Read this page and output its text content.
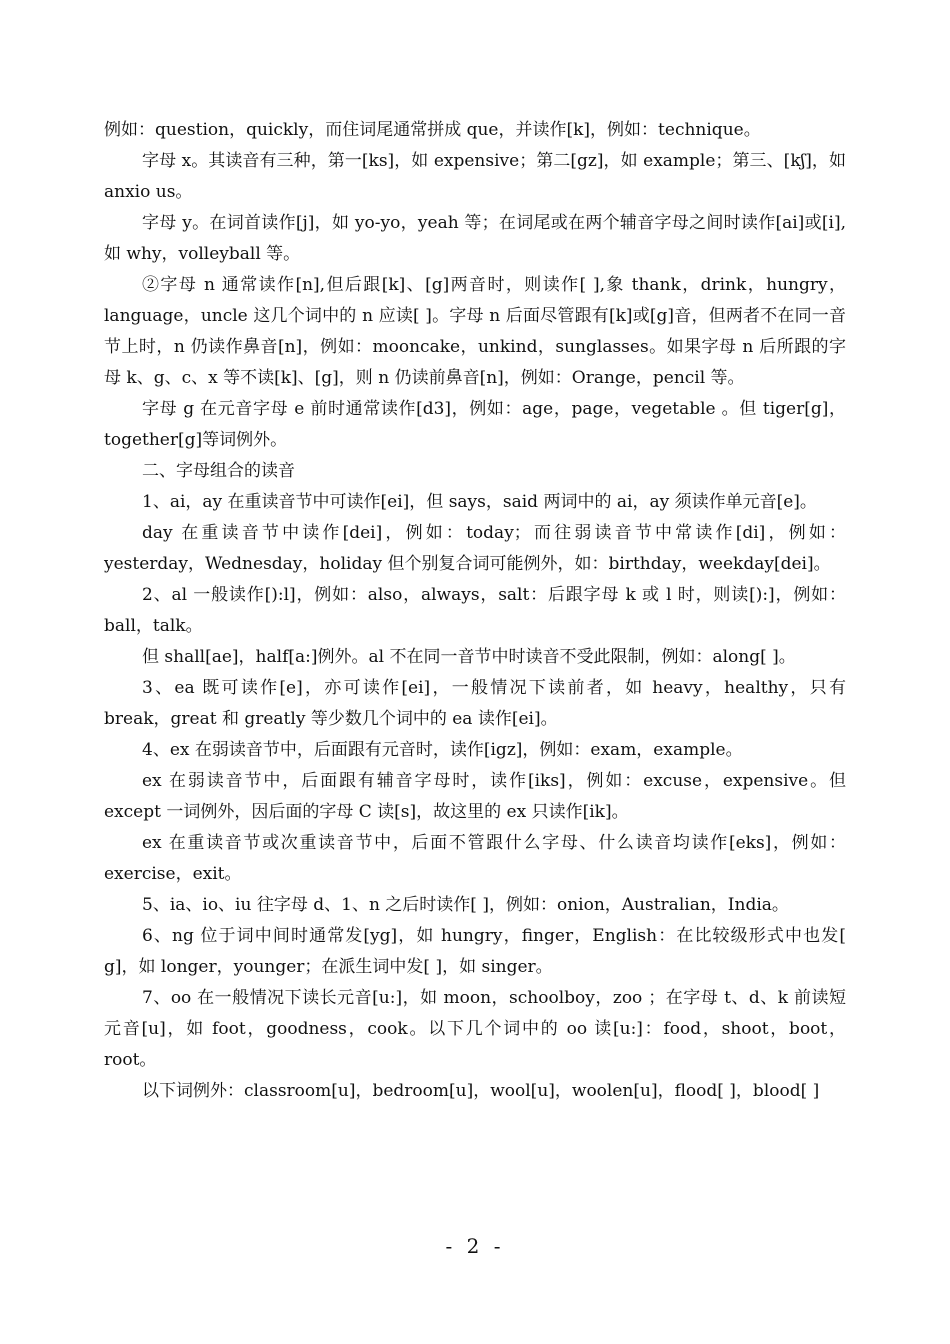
例如：question，quickly，而住词尾通常拼成 que，并读作[k]，例如：technique。

字母 x。其读音有三种，第一[ks]，如 expensive；第二[gz]，如 example；第三、[kʃ]，如 anxio us。

字母 y。在词首读作[j]，如 yo-yo，yeah 等；在词尾或在两个辅音字母之间时读作[ai]或[i],如 why，volleyball 等。

②字母 n 通常读作[n],但后跟[k]、[g]两音时，则读作[ ],象 thank，drink，hungry，language，uncle 这几个词中的 n 应读[ ]。字母 n 后面尽管跟有[k]或[g]音，但两者不在同一音节上时，n 仍读作鼻音[n]，例如：mooncake，unkind，sunglasses。如果字母 n 后所跟的字母 k、g、c、x 等不读[k]、[g]，则 n 仍读前鼻音[n]，例如：Orange，pencil 等。

字母 g 在元音字母 e 前时通常读作[d3]，例如：age，page，vegetable 。但 tiger[g]，together[g]等词例外。

二、字母组合的读音

1、ai，ay 在重读音节中可读作[ei]，但 says，said 两词中的 ai，ay 须读作单元音[e]。

day 在重读音节中读作[dei]，例如：today；而往弱读音节中常读作[di]，例如：yesterday，Wednesday，holiday 但个别复合词可能例外，如：birthday，weekday[dei]。

2、al 一般读作[):l]，例如：also，always，salt：后跟字母 k 或 l 时，则读[):]，例如：ball，talk。

但 shall[ae]，half[a:]例外。al 不在同一音节中时读音不受此限制，例如：along[ ]。

3、ea 既可读作[e]，亦可读作[ei]，一般情况下读前者，如 heavy，healthy，只有 break，great 和 greatly 等少数几个词中的 ea 读作[ei]。

4、ex 在弱读音节中，后面跟有元音时，读作[igz]，例如：exam，example。

ex 在弱读音节中，后面跟有辅音字母时，读作[iks]，例如：excuse，expensive。但 except 一词例外，因后面的字母 C 读[s]，故这里的 ex 只读作[ik]。

ex 在重读音节或次重读音节中，后面不管跟什么字母、什么读音均读作[eks]，例如：exercise，exit。

5、ia、io、iu 往字母 d、1、n 之后时读作[ ]，例如：onion，Australian，India。

6、ng 位于词中间时通常发[yg]，如 hungry，finger，English：在比较级形式中也发[ g]，如 longer，younger；在派生词中发[ ]，如 singer。

7、oo 在一般情况下读长元音[u:]，如 moon，schoolboy，zoo ；在字母 t、d、k 前读短元音[u]，如 foot，goodness，cook。以下几个词中的 oo 读[u:]：food，shoot，boot，root。

以下词例外：classroom[u]，bedroom[u]，wool[u]，woolen[u]，flood[ ]，blood[ ]

- 2 -
